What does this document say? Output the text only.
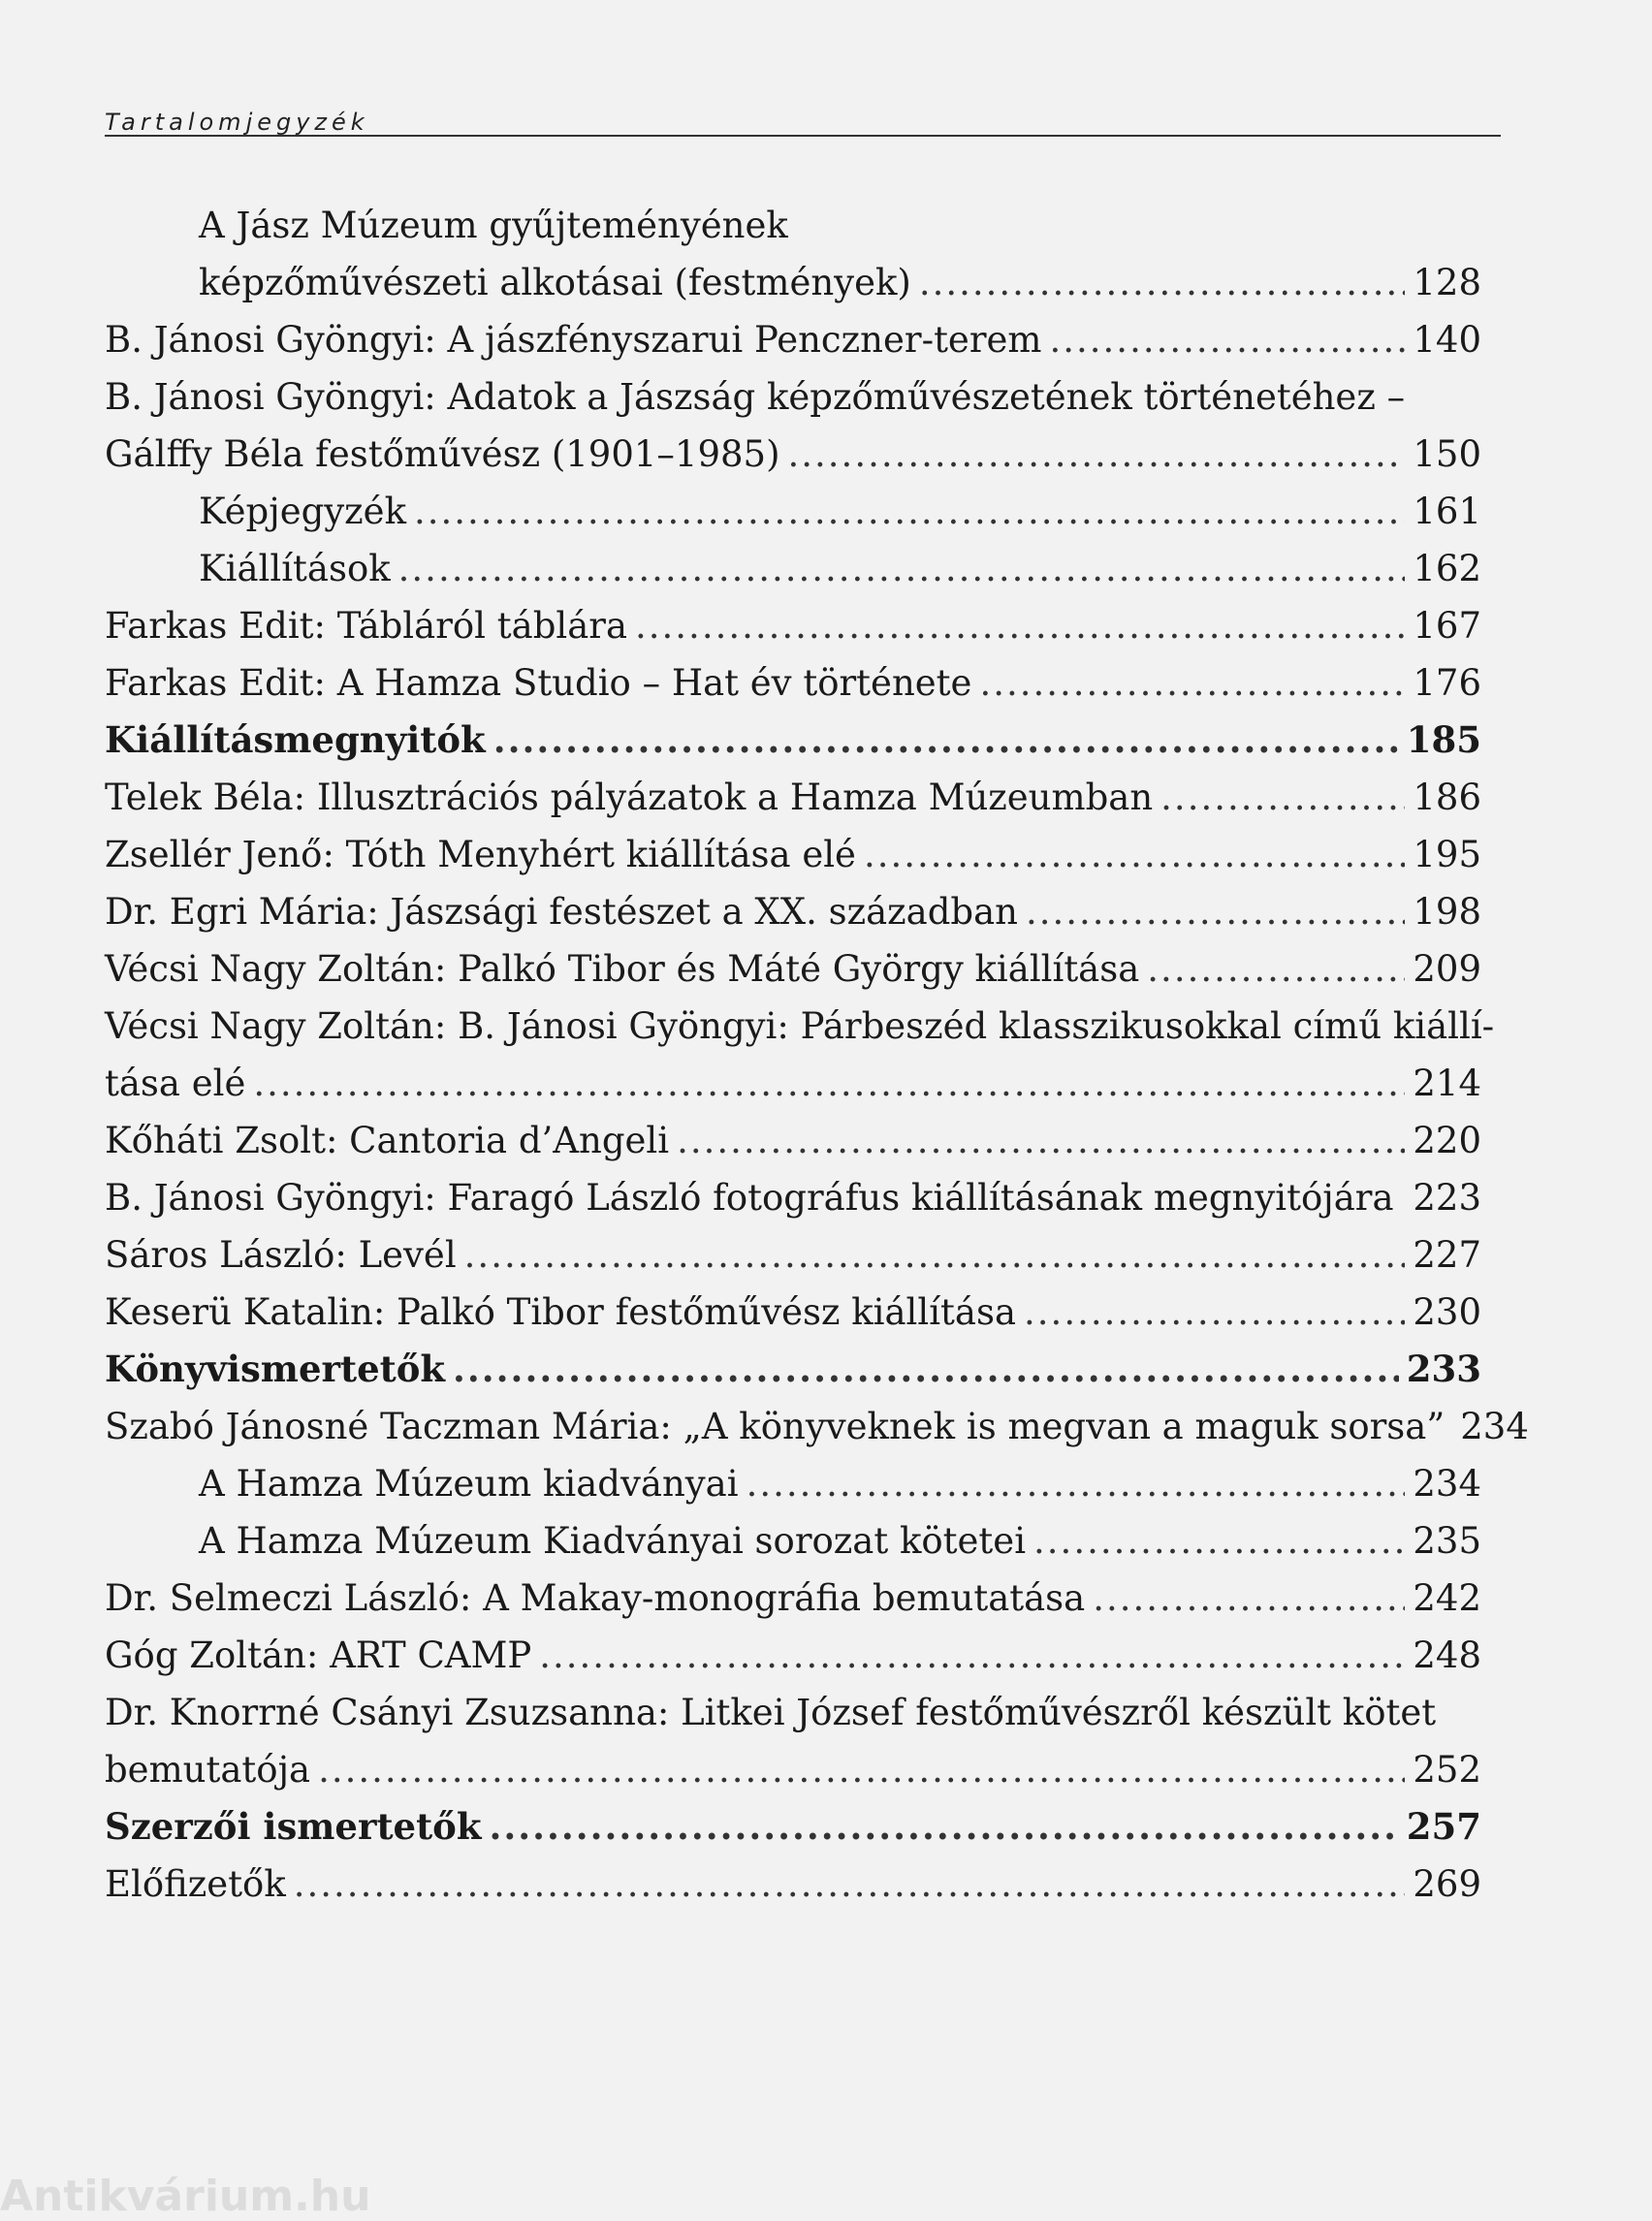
Tartalomjegyzék
A Jász Múzeum gyűjteményének
képzőművészeti alkotásai (festmények) .....	128
B. Jánosi Gyöngyi: A jászfényszarui Penczner-terem .....	140
B. Jánosi Gyöngyi: Adatok a Jászság képzőművészetének történetéhez –
Gálffy Béla festőművész (1901–1985) .....	150
Képjegyzék .....	161
Kiállítások .....	162
Farkas Edit: Tábláról táblára .....	167
Farkas Edit: A Hamza Studio – Hat év története .....	176
Kiállításmegnyitók .....	185
Telek Béla: Illusztrációs pályázatok a Hamza Múzeumban .....	186
Zsellér Jenő: Tóth Menyhért kiállítása elé .....	195
Dr. Egri Mária: Jászsági festészet a XX. században .....	198
Vécsi Nagy Zoltán: Palkó Tibor és Máté György kiállítása .....	209
Vécsi Nagy Zoltán: B. Jánosi Gyöngyi: Párbeszéd klasszikusokkal című kiállí-
tása elé .....	214
Kőháti Zsolt: Cantoria d’Angeli .....	220
B. Jánosi Gyöngyi: Faragó László fotográfus kiállításának megnyitójára ..... 223
Sáros László: Levél .....	227
Keserü Katalin: Palkó Tibor festőművész kiállítása .....	230
Könyvismertetők .....	233
Szabó Jánosné Taczman Mária: „A könyveknek is megvan a maguk sorsa” 234
A Hamza Múzeum kiadványai .....	234
A Hamza Múzeum Kiadványai sorozat kötetei .....	235
Dr. Selmeczi László: A Makay-monográfia bemutatása .....	242
Góg Zoltán: ART CAMP .....	248
Dr. Knorrné Csányi Zsuzsanna: Litkei József festőművészről készült kötet
bemutatója .....	252
Szerzői ismertetők .....	257
Előfizetők .....	269
Antikvárium.hu
